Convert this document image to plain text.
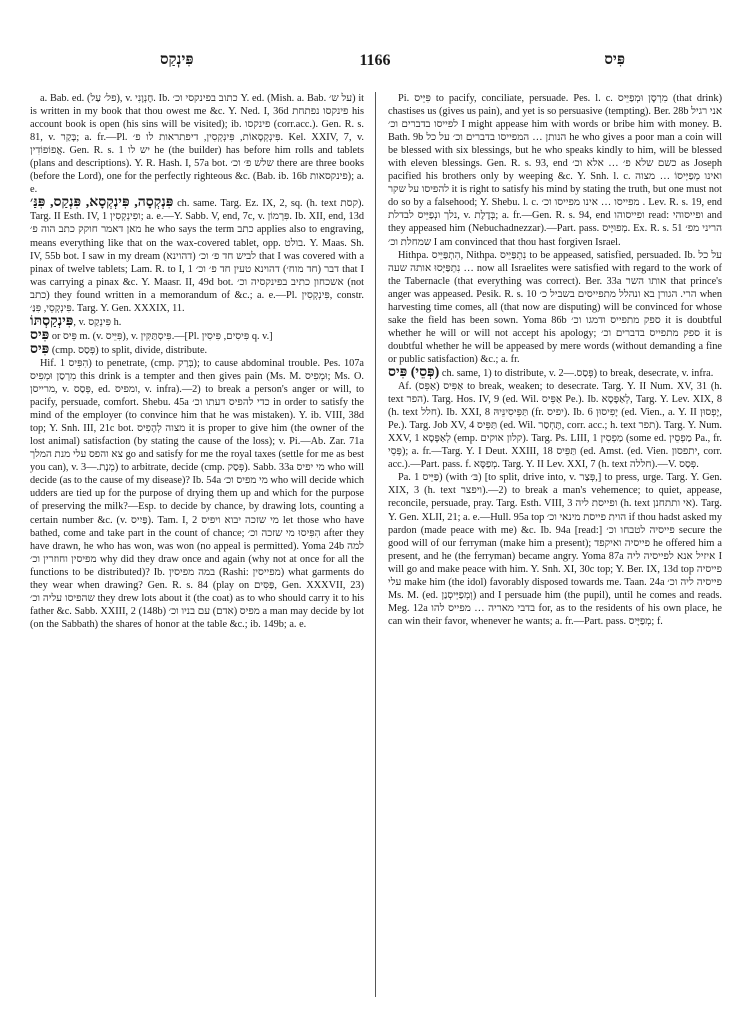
פִּינְקַס	1166	פִּיס

a. Bab. ed. (פל׳ עַל), v. חֶנְוָנִי. Ib. כתוב בפינקסי וכ׳ Y. ed. (Mish. a. Bab. על ש׳) it is written in my book that thou owest me &c. Y. Ned. I, 36d פינקסו נפתחת his account book is open (his sins will be visited); ib. פינקסו (corr.acc.). Gen. R. s. 81, v. בָּקַר; a. fr.—Pl. פִּינְקְסָאוֹת, פִּינְקְסִין, דיפתראות לו פ׳. Kel. XXIV, 7, v. אֲפוֹפוֹדִין. Gen. R. s. 1 יש לו he (the builder) has before him rolls and tablets (plans and descriptions). Y. R. Hash. I, 57a bot. שלש פ׳ וכ׳ there are three books (before the Lord), one for the perfectly righteous &c. (Bab. ib. 16b פינקסאות); a. e.

פִּנְקְסָה, פִּינְקְסָא, פִּנְקַס, פִּנַּ׳ ch. same. Targ. Ez. IX, 2, sq. (h. text קסת). Targ. II Esth. IV, 1 ופִינְקְסִין; a. e.—Y. Sabb. V, end, 7c, v. פִּרְמוֹן. Ib. XII, end, 13d מאן דאמר חוקק כתב הוה פ׳ he who says the term כתב applies also to engraving, means everything like that on the wax-covered tablet, opp. בולט. Y. Maas. Sh. IV, 55b bot. I saw in my dream (דהוינא) לביש חד פ׳ וכ׳ that I was covered with a pinax of twelve tablets; Lam. R. to I, 1 דבר (חד מוח׳) דהוינא טעין חד פ׳ וכ׳ that I was carrying a pinax &c. Y. Maasr. II, 49d bot. אשכחון כתיב בפינקסיה וכ׳ (not כתב) they found written in a memorandum of &c.; a. e.—Pl. פִּינְקְסִין, constr. פִּינְקְסֵי, פִּנַּ׳. Targ. Y. Gen. XXXIX, 11.

פִּינְקַסְתּוֹ, v. פִּינְקַס h.

פִּיס or פֵּיס m. (v. פִּיֵּיס), v. פִּיסְתַּקִּין.—[Pl. פִּיסִים, פִּיסִין q. v.]

פִּיס (cmp. פְּסַס) to split, divide, distribute.

Hif. הִפִּיס 1) to penetrate, (cmp. בְּרַק); to cause abdominal trouble. Pes. 107a מִרְסַן וּמְפִיס this drink is a tempter and then gives pain (Ms. M. וּמְפִיס; Ms. O. מרייסן, v. פְּסַס, ed. ומפיס, v. infra).—2) to break a person's anger or will, to pacify, persuade, comfort. Shebu. 45a כדי להפיס דעתו וכ׳ in order to satisfy the mind of the employer (to convince him that he was mistaken). Y. ib. VIII, 38d top; Y. Snh. III, 21c bot. מצוה לְהָפִיס it is proper to give him (the owner of the lost animal) satisfaction (by stating the cause of the loss); v. Pi.—Ab. Zar. 71a צא והפס עלי מנת המלך go and satisfy for me the royal taxes (settle for me as best you can), v. מְנָת.—3) to arbitrate, decide (cmp. פְּסַק). Sabb. 33a מי יפיס who will decide (as to the cause of my disease)? Ib. 54a מי מפיס וכ׳ who will decide which udders are tied up for the purpose of drying them up and which for the purpose of preserving the milk?—Esp. to decide by chance, by drawing lots, counting a certain number &c. (v. פַּיִיס). Tam. I, 2 מי שזכה יבוא ויפיס let those who have bathed, come and take part in the count of chance; הִפִּיסוּ מי שזכה וכ׳ after they have drawn, he who has won, was won (no appeal is permitted). Yoma 24b למה מפיסין וחוזרין וכ׳ why did they draw once and again (why not at once for all the functions to be distributed)? Ib. במה מפיסין (Rashi: מפייסין) what garments do they wear when drawing? Gen. R. s. 84 (play on פַּסִּים, Gen. XXXVII, 23) שהפיסו עליה וכ׳ they drew lots about it (the coat) as to who should carry it to his father &c. Sabb. XXIII, 2 (148b) מפיס (אדם) עם בניו וכ׳ a man may decide by lot (on the Sabbath) the shares of honor at the table &c.; ib. 149b; a. e.

Pi. פִּיֵּיס to pacify, conciliate, persuade. Pes. l. c. מִרְסָן וּמְפַיֵּיס (that drink) chastises us (gives us pain), and yet is so persuasive (tempting). Ber. 28b אני רגיל לפייסו בדברים וכ׳ I might appease him with words or bribe him with money. B. Bath. 9b הנותן … המפייסו בדברים וכ׳ על כל he who gives a poor man a coin will be blessed with six blessings, but he who speaks kindly to him, will be blessed with eleven blessings. Gen. R. s. 93, end כשם שלא פ׳ … אלא וכ׳ as Joseph pacified his brothers only by weeping &c. Y. Snh. l. c. ואינו מְפַיְּיסוֹ … מצוה להפיסו על שקר it is right to satisfy his mind by stating the truth, but one must not do so by a falsehood; Y. Shebu. l. c. מפייסו … אינו מפייסו וכ׳ . Lev. R. s. 19, end נלך ונְפַיֵּיס לבדלת, v. בְּדֶלֶת; a. fr.—Gen. R. s. 94, end ופייסוהו read: ופייסוהי and they appeased him (Nebuchadnezzar).—Part. pass. מְפוּיָּיס. Ex. R. s. 51 הריני מפ׳ שמחלת וכ׳ I am convinced that thou hast forgiven Israel.

Hithpa. הִתְפַּיֵּיס, Nithpa. נִתְפַּיֵּיס to be appeased, satisfied, persuaded. Ib. על כל … נִתְפַּיְּסוּ אותה שעה now all Israelites were satisfied with regard to the work of the Tabernacle (that everything was correct). Ber. 33a אותו השר that prince's anger was appeased. Pesik. R. s. 10 הרי. הגורן בא ונהלל מתפייסים בשביל כ׳ when harvesting time comes, all (that now are disputing) will be convinced for whose sake the field has been sown. Yoma 86b ספק מתפייס ודמגו וכ׳ it is doubtful whether he will or will not accept his apology; ספק מתפייס בדברים וכ׳ it is doubtful whether he will be appeased by mere words (without demanding a fine or public satisfaction) &c.; a. fr.

(פְּסֵי) פִּיס ch. same, 1) to distribute, v. פְּסַס.—2) to break, desecrate, v. infra.

Af. אַפִּיס (אַפֵּס) to break, weaken; to desecrate. Targ. Y. II Num. XV, 31 (h. text הפר). Targ. Hos. IV, 9 (ed. Wil. אַפֵּיס Pe.). Ib. לְאַפָּסָא, Targ. Y. Lev. XIX, 8 (h. text חלל). Ib. XXI, 8 תַּפֵּיסִינֵּיהּ (fr. יפיס). Ib. 6 יָפִיסוּן (ed. Vien., a. Y. II יָפְסוּן, Pe.). Targ. Job XV, 4 תַּפֵּיס (ed. Wil. תֶּחְסַר, corr. acc.; h. text תפר). Targ. Y. Num. XXV, 1 לְאַפָּסָא (emp. קלון אוקים). Targ. Ps. LIII, 1 מַפְסִין (some ed. מַפְסֵין Pa., fr. פְּסֵי); a. fr.—Targ. Y. I Deut. XXIII, 18 תַּפֵּיס (ed. Amst. (ed. Vien. יתפסון, corr. acc.).—Part. pass. f. מְפַסָּא. Targ. Y. II Lev. XXI, 7 (h. text חללה).—V. פְּסַס.

Pa. פַּיֵּיס 1) (with בּ׳) [to split, drive into, v. פְּצַר,] to press, urge. Targ. Y. Gen. XIX, 3 (h. text ויפצר).—2) to break a man's vehemence; to quiet, appease, reconcile, persuade, pray. Targ. Esth. VIII, 3 ופייסת ליה (h. text אי ותתחנן). Targ. Y. Gen. XLII, 21; a. e.—Hull. 95a top הוית פייסת מינאי וכ׳ if thou hadst asked my pardon (made peace with me) &c. Ib. 94a [read:] פייסיה לטבחו וכ׳ secure the good will of our ferryman (make him a present); פייסיה ואיקפד he offered him a present, and he (the ferryman) became angry. Yoma 87a איזיל אנא לפייסיה ליה I will go and make peace with him. Y. Snh. XI, 30c top; Y. Ber. IX, 13d top פייסיה עלי make him (the idol) favorably disposed towards me. Taan. 24a פייסיה ליה וכ׳ Ms. M. (ed. וְמְפַיְּיסְנַן) and I persuade him (the pupil), until he comes and reads. Meg. 12a בדבי מאריה … מפייס להו for, as to the residents of his own place, he can win their favor, whenever he wants; a. fr.—Part. pass. מְפַיָּיס; f.
